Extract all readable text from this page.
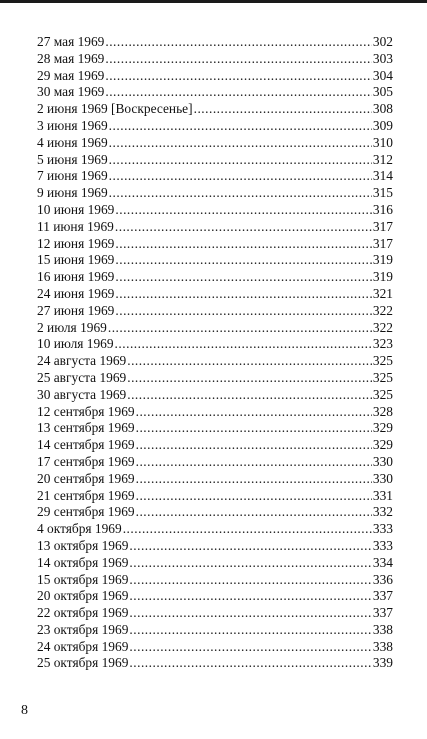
27 мая 1969 .....	302
28 мая 1969 .....	303
29 мая 1969 .....	304
30 мая 1969 .....	305
2 июня 1969 [Воскресенье] .....	308
3 июня 1969 .....	309
4 июня 1969 .....	310
5 июня 1969 .....	312
7 июня 1969 .....	314
9 июня 1969 .....	315
10 июня 1969 .....	316
11 июня 1969 .....	317
12 июня 1969 .....	317
15 июня 1969 .....	319
16 июня 1969 .....	319
24 июня 1969 .....	321
27 июня 1969 .....	322
2 июля 1969 .....	322
10 июля 1969 .....	323
24 августа 1969 .....	325
25 августа 1969 .....	325
30 августа 1969 .....	325
12 сентября 1969 .....	328
13 сентября 1969 .....	329
14 сентября 1969 .....	329
17 сентября 1969 .....	330
20 сентября 1969 .....	330
21 сентября 1969 .....	331
29 сентября 1969 .....	332
4 октября 1969 .....	333
13 октября 1969 .....	333
14 октября 1969 .....	334
15 октября 1969 .....	336
20 октября 1969 .....	337
22 октября 1969 .....	337
23 октября 1969 .....	338
24 октября 1969 .....	338
25 октября 1969 .....	339
8
